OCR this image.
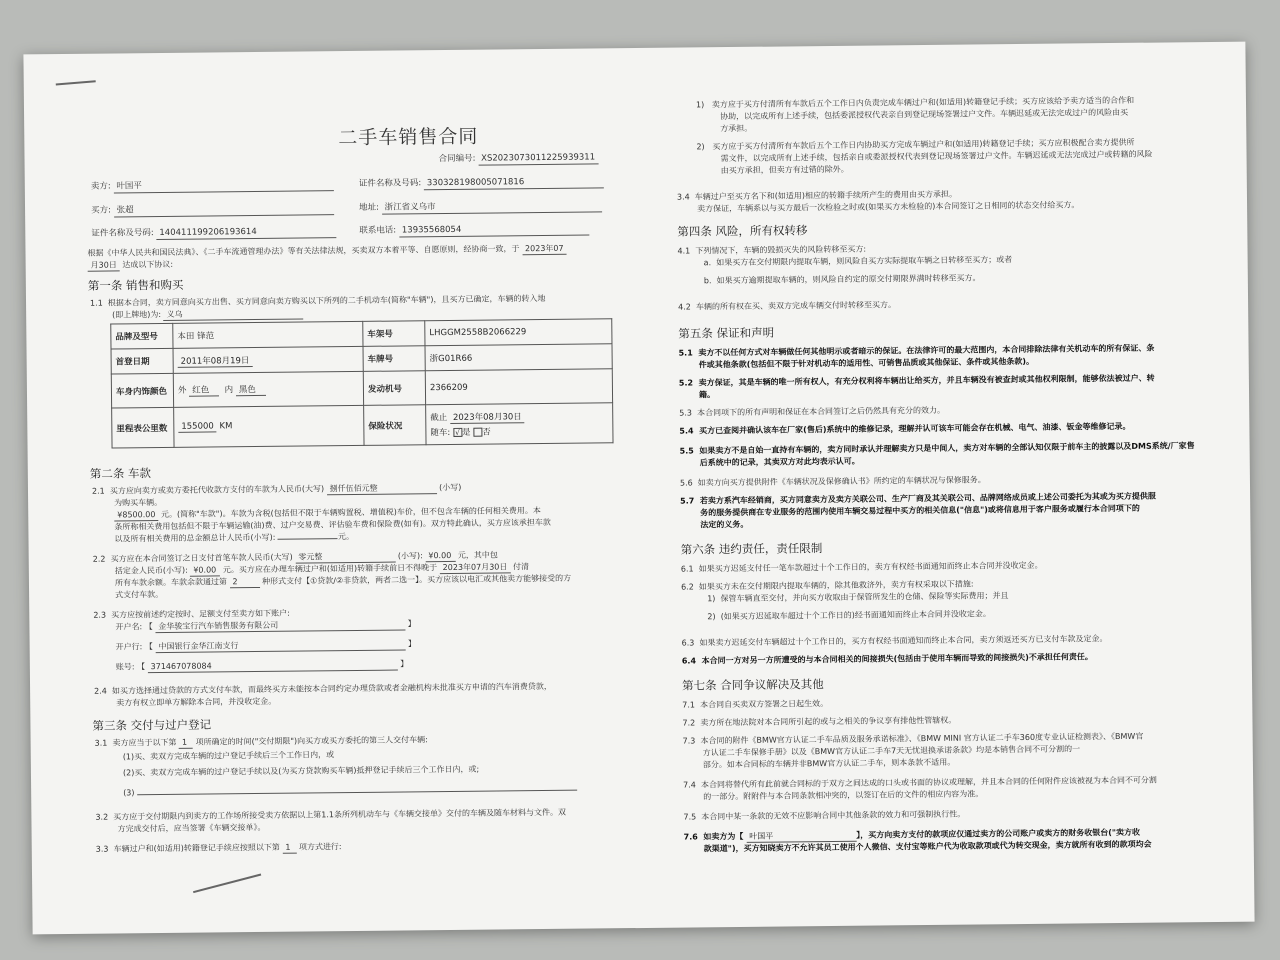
二手车销售合同
合同编号: XS2023073011225939311
卖方: 叶国平	证件名称及号码: 330328198005071816
买方: 张超	地址: 浙江省义乌市
证件名称及号码: 140411199206193614	联系电话: 13935568054
根据《中华人民共和国民法典》、《二手车流通管理办法》等有关法律法规，买卖双方本着平等、自愿原则，经协商一致，于 2023年07
月30日 达成以下协议:
第一条 销售和购买
1.1 根据本合同，卖方同意向买方出售、买方同意向卖方购买以下所列的二手机动车(简称"车辆")，且买方已确定，车辆的转入地
(即上牌地)为: 义乌
品牌及型号	本田 锋范	车架号	LHGGM2558B2066229
首登日期	2011年08月19日	车牌号	浙G01R66
车身内饰颜色	外 红色 内 黑色	发动机号	2366209
里程表公里数	155000 KM	保险状况	截止 2023年08月30日
随车: √ 是 否
第二条 车款
2.1 买方应向卖方或卖方委托代收款方支付的车款为人民币(大写) 捌仟伍佰元整	(小写)
为购买车辆。
¥8500.00 元。(简称"车款")。车款为含税(包括但不限于车辆购置税、增值税)车价，但不包含车辆的任何相关费用。本
条所称相关费用包括但不限于车辆运输(油)费、过户交易费、评估验车费和保险费(如有)。双方特此确认，买方应该承担车款
以及所有相关费用的总金额总计人民币(小写):	元。
2.2 买方应在本合同签订之日支付首笔车款人民币(大写) 零元整	(小写): ¥0.00 元，其中包
括定金人民币(小写): ¥0.00 元。买方应在办理车辆过户和(如适用)转籍手续前日不得晚于 2023年07月30日 付清
所有车款余额。车款余款通过第 2	种形式支付【①贷款/②非贷款，两者二选一】。买方应该以电汇或其他卖方能够接受的方
式支付车款。
2.3 买方应按前述约定按时、足额支付至卖方如下账户:
开户名: 【 金华骏宝行汽车销售服务有限公司	】
开户行: 【 中国银行金华江南支行	】
账号: 【 371467078084	】
2.4 如买方选择通过贷款的方式支付车款，而最终买方未能按本合同约定办理贷款或者金融机构未批准买方申请的汽车消费贷款，
卖方有权立即单方解除本合同，并没收定金。
第三条 交付与过户登记
3.1 卖方应当于以下第 1 项所确定的时间("交付期限")向买方或买方委托的第三人交付车辆:
(1)买、卖双方完成车辆的过户登记手续后三个工作日内，或
(2)买、卖双方完成车辆的过户登记手续以及(为买方贷款购买车辆)抵押登记手续后三个工作日内，或;
(3)
3.2 买方应于交付期限内到卖方的工作场所接受卖方依据以上第1.1条所列机动车与《车辆交接单》交付的车辆及随车材料与文件。双
方完成交付后，应当签署《车辆交接单》。
3.3 车辆过户和(如适用)转籍登记手续应按照以下第 1 项方式进行:
1) 卖方应于买方付清所有车款后五个工作日内负责完成车辆过户和(如适用)转籍登记手续；买方应该给予卖方适当的合作和
协助，以完成所有上述手续，包括委派授权代表亲自到登记现场签署过户文件。车辆迟延或无法完成过户的风险由买
方承担。
2) 买方应于买方付清所有车款后五个工作日内协助买方完成车辆过户和(如适用)转籍登记手续；买方应积极配合卖方提供所
需文件，以完成所有上述手续，包括亲自或委派授权代表到登记现场签署过户文件。车辆迟延或无法完成过户或转籍的风险
由买方承担，但卖方有过错的除外。
3.4 车辆过户至买方名下和(如适用)相应的转籍手续所产生的费用由买方承担。
卖方保证，车辆系以与买方最后一次检验之时或(如果买方未检验的)本合同签订之日相同的状态交付给买方。
第四条 风险，所有权转移
4.1 下列情况下，车辆的毁损灭失的风险转移至买方:
a. 如果买方在交付期限内提取车辆，则风险自买方实际提取车辆之日转移至买方；或者
b. 如果买方逾期提取车辆的，则风险自约定的原交付期限界满时转移至买方。
4.2 车辆的所有权在买、卖双方完成车辆交付时转移至买方。
第五条 保证和声明
5.1 卖方不以任何方式对车辆做任何其他明示或者暗示的保证。在法律许可的最大范围内，本合同排除法律有关机动车的所有保证、条
件或其他条款(包括但不限于针对机动车的适用性、可销售品质或其他保证、条件或其他条款)。
5.2 卖方保证，其是车辆的唯一所有权人，有充分权利将车辆出让给买方，并且车辆没有被查封或其他权利限制，能够依法被过户、转
籍。
5.3 本合同项下的所有声明和保证在本合同签订之后仍然具有充分的效力。
5.4 买方已查阅并确认该车在厂家(售后)系统中的维修记录，理解并认可该车可能会存在机械、电气、油漆、钣金等维修记录。
5.5 如果卖方不是自始一直持有车辆的，卖方同时承认并理解卖方只是中间人，卖方对车辆的全部认知仅限于前车主的披露以及DMS系统/厂家售
后系统中的记录，其卖双方对此均表示认可。
5.6 如卖方向买方提供附件《车辆状况及保修确认书》所约定的车辆状况与保修服务。
5.7 若卖方系汽车经销商，买方同意卖方及卖方关联公司、生产厂商及其关联公司、品牌网络成员或上述公司委托为其或为买方提供服
务的服务提供商在专业服务的范围内使用车辆交易过程中买方的相关信息("信息")或将信息用于客户服务或履行本合同项下的
法定的义务。
第六条 违约责任，责任限制
6.1 如果买方迟延支付任一笔车款超过十个工作日的，卖方有权经书面通知而终止本合同并没收定金。
6.2 如果买方未在交付期限内提取车辆的，除其他救济外，卖方有权采取以下措施:
1) 保管车辆直至交付，并向买方收取由于保管所发生的仓储、保险等实际费用；并且
2) (如果买方迟延取车超过十个工作日的)经书面通知而终止本合同并没收定金。
6.3 如果卖方迟延交付车辆超过十个工作日的，买方有权经书面通知而终止本合同，卖方须返还买方已支付车款及定金。
6.4 本合同一方对另一方所遭受的与本合同相关的间接损失(包括由于使用车辆而导致的间接损失)不承担任何责任。
第七条 合同争议解决及其他
7.1 本合同自买卖双方签署之日起生效。
7.2 卖方所在地法院对本合同所引起的或与之相关的争议享有排他性管辖权。
7.3 本合同的附件《BMW官方认证二手车品质及服务承诺标准》、《BMW MINI 官方认证二手车360度专业认证检测表》、《BMW官
方认证二手车保修手册》以及《BMW官方认证二手车7天无忧退换承诺条款》均是本销售合同不可分割的一
部分。如本合同标的车辆并非BMW官方认证二手车，则本条款不适用。
7.4 本合同将替代所有此前就合同标的于双方之间达成的口头或书面的协议或理解，并且本合同的任何附件应该被视为本合同不可分割
的一部分。附附件与本合同条款相冲突的，以签订在后的文件的相应内容为准。
7.5 本合同中某一条款的无效不应影响合同中其他条款的效力和可强制执行性。
7.6 如卖方为【 叶国平	】，买方向卖方支付的款项应仅通过卖方的公司账户或卖方的财务收银台("卖方收
款渠道")，买方知晓卖方不允许其员工使用个人微信、支付宝等账户代为收取款项或代为转交现金，卖方就所有收到的款项均会
